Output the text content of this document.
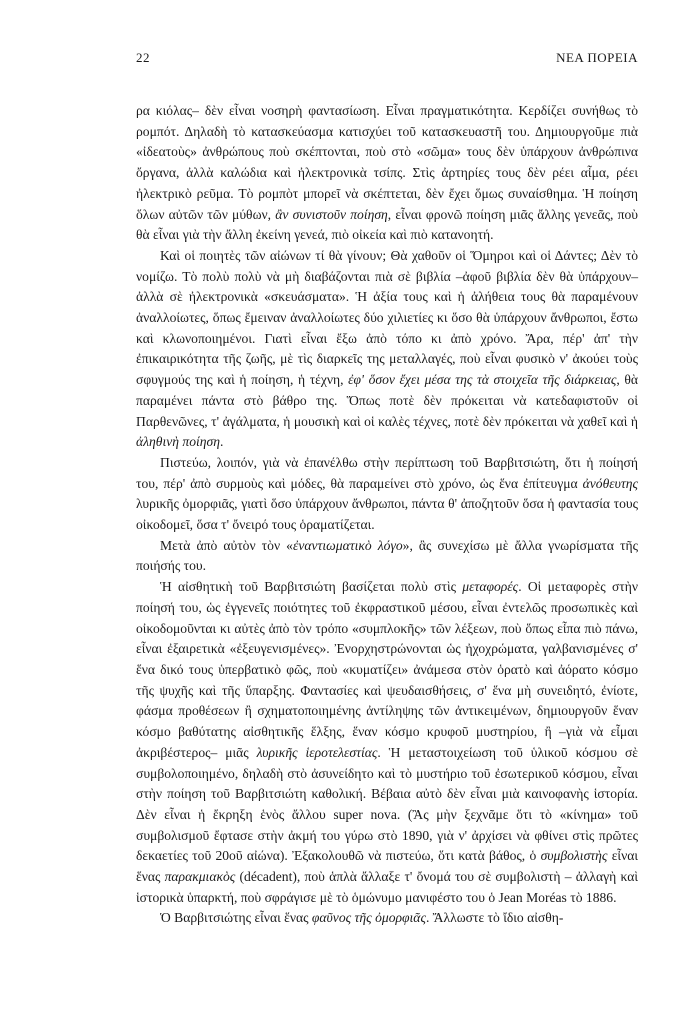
22	ΝΕΑ ΠΟΡΕΙΑ

ρα κιόλας– δὲν εἶναι νοσηρὴ φαντασίωση. Εἶναι πραγματικότητα. Κερδίζει συνήθως τὸ ρομπότ. Δηλαδὴ τὸ κατασκεύασμα κατισχύει τοῦ κατασκευαστῆ του. Δημιουργοῦμε πιὰ «ἰδεατοὺς» ἀνθρώπους ποὺ σκέπτονται, ποὺ στὸ «σῶμα» τους δὲν ὑπάρχουν ἀνθρώπινα ὄργανα, ἀλλὰ καλώδια καὶ ἠλεκτρονικὰ τσίπς. Στὶς ἀρτηρίες τους δὲν ρέει αἷμα, ρέει ἠλεκτρικὸ ρεῦμα. Τὸ ρομπὸτ μπορεῖ νὰ σκέπτεται, δὲν ἔχει ὅμως συναίσθημα. Ἡ ποίηση ὅλων αὐτῶν τῶν μύθων, ἂν συνιστοῦν ποίηση, εἶναι φρονῶ ποίηση μιᾶς ἄλλης γενεᾶς, ποὺ θὰ εἶναι γιὰ τὴν ἄλλη ἐκείνη γενεά, πιὸ οἰκεία καὶ πιὸ κατανοητή.

Καὶ οἱ ποιητὲς τῶν αἰώνων τί θὰ γίνουν; Θὰ χαθοῦν οἱ Ὅμηροι καὶ οἱ Δάντες; Δὲν τὸ νομίζω. Τὸ πολὺ πολὺ νὰ μὴ διαβάζονται πιὰ σὲ βιβλία –ἀφοῦ βιβλία δὲν θὰ ὑπάρχουν– ἀλλὰ σὲ ἠλεκτρονικὰ «σκευάσματα». Ἡ ἀξία τους καὶ ἡ ἀλήθεια τους θὰ παραμένουν ἀναλλοίωτες, ὅπως ἔμειναν ἀναλλοίωτες δύο χιλιετίες κι ὅσο θὰ ὑπάρχουν ἄνθρωποι, ἔστω καὶ κλωνοποιημένοι. Γιατὶ εἶναι ἔξω ἀπὸ τόπο κι ἀπὸ χρόνο. Ἄρα, πέρ' ἀπ' τὴν ἐπικαιρικότητα τῆς ζωῆς, μὲ τὶς διαρκεῖς της μεταλλαγές, ποὺ εἶναι φυσικὸ ν' ἀκούει τοὺς σφυγμούς της καὶ ἡ ποίηση, ἡ τέχνη, ἐφ' ὅσον ἔχει μέσα της τὰ στοιχεῖα τῆς διάρκειας, θὰ παραμένει πάντα στὸ βάθρο της. Ὅπως ποτὲ δὲν πρόκειται νὰ κατεδαφιστοῦν οἱ Παρθενῶνες, τ' ἀγάλματα, ἡ μουσικὴ καὶ οἱ καλὲς τέχνες, ποτὲ δὲν πρόκειται νὰ χαθεῖ καὶ ἡ ἀληθινὴ ποίηση.

Πιστεύω, λοιπόν, γιὰ νὰ ἐπανέλθω στὴν περίπτωση τοῦ Βαρβιτσιώτη, ὅτι ἡ ποίησή του, πέρ' ἀπὸ συρμοὺς καὶ μόδες, θὰ παραμείνει στὸ χρόνο, ὡς ἕνα ἐπίτευγμα ἀνόθευτης λυρικῆς ὀμορφιᾶς, γιατὶ ὅσο ὑπάρχουν ἄνθρωποι, πάντα θ' ἀποζητοῦν ὅσα ἡ φαντασία τους οἰκοδομεῖ, ὅσα τ' ὄνειρό τους ὁραματίζεται.

Μετὰ ἀπὸ αὐτὸν τὸν «ἐναντιωματικὸ λόγο», ἂς συνεχίσω μὲ ἄλλα γνωρίσματα τῆς ποιήσής του.

Ἡ αἰσθητικὴ τοῦ Βαρβιτσιώτη βασίζεται πολὺ στὶς μεταφορές. Οἱ μεταφορὲς στὴν ποίησή του, ὡς ἐγγενεῖς ποιότητες τοῦ ἐκφραστικοῦ μέσου, εἶναι ἐντελῶς προσωπικὲς καὶ οἰκοδομοῦνται κι αὐτὲς ἀπὸ τὸν τρόπο «συμπλοκῆς» τῶν λέξεων, ποὺ ὅπως εἶπα πιὸ πάνω, εἶναι ἐξαιρετικὰ «ἐξευγενισμένες». Ἐνορχηστρώνονται ὡς ἠχοχρώματα, γαλβανισμένες σ' ἕνα δικό τους ὑπερβατικὸ φῶς, ποὺ «κυματίζει» ἀνάμεσα στὸν ὁρατὸ καὶ ἀόρατο κόσμο τῆς ψυχῆς καὶ τῆς ὕπαρξης. Φαντασίες καὶ ψευδαισθήσεις, σ' ἕνα μὴ συνειδητό, ἐνίοτε, φάσμα προθέσεων ἢ σχηματοποιημένης ἀντίληψης τῶν ἀντικειμένων, δημιουργοῦν ἕναν κόσμο βαθύτατης αἰσθητικῆς ἕλξης, ἕναν κόσμο κρυφοῦ μυστηρίου, ἢ –γιὰ νὰ εἶμαι ἀκριβέστερος– μιᾶς λυρικῆς ἱεροτελεστίας. Ἡ μεταστοιχείωση τοῦ ὑλικοῦ κόσμου σὲ συμβολοποιημένο, δηλαδὴ στὸ ἀσυνείδητο καὶ τὸ μυστήριο τοῦ ἐσωτερικοῦ κόσμου, εἶναι στὴν ποίηση τοῦ Βαρβιτσιώτη καθολική. Βέβαια αὐτὸ δὲν εἶναι μιὰ καινοφανὴς ἱστορία. Δὲν εἶναι ἡ ἔκρηξη ἑνὸς ἄλλου super nova. (Ἂς μὴν ξεχνᾶμε ὅτι τὸ «κίνημα» τοῦ συμβολισμοῦ ἔφτασε στὴν ἀκμή του γύρω στὸ 1890, γιὰ ν' ἀρχίσει νὰ φθίνει στὶς πρῶτες δεκαετίες τοῦ 20οῦ αἰώνα). Ἐξακολουθῶ νὰ πιστεύω, ὅτι κατὰ βάθος, ὁ συμβολιστὴς εἶναι ἕνας παρακμιακὸς (décadent), ποὺ ἁπλὰ ἄλλαξε τ' ὄνομά του σὲ συμβολιστὴ – ἀλλαγὴ καὶ ἱστορικὰ ὑπαρκτή, ποὺ σφράγισε μὲ τὸ ὁμώνυμο μανιφέστο του ὁ Jean Moréas τὸ 1886.

Ὁ Βαρβιτσιώτης εἶναι ἕνας φαῦνος τῆς ὀμορφιᾶς. Ἄλλωστε τὸ ἴδιο αἰσθη-
